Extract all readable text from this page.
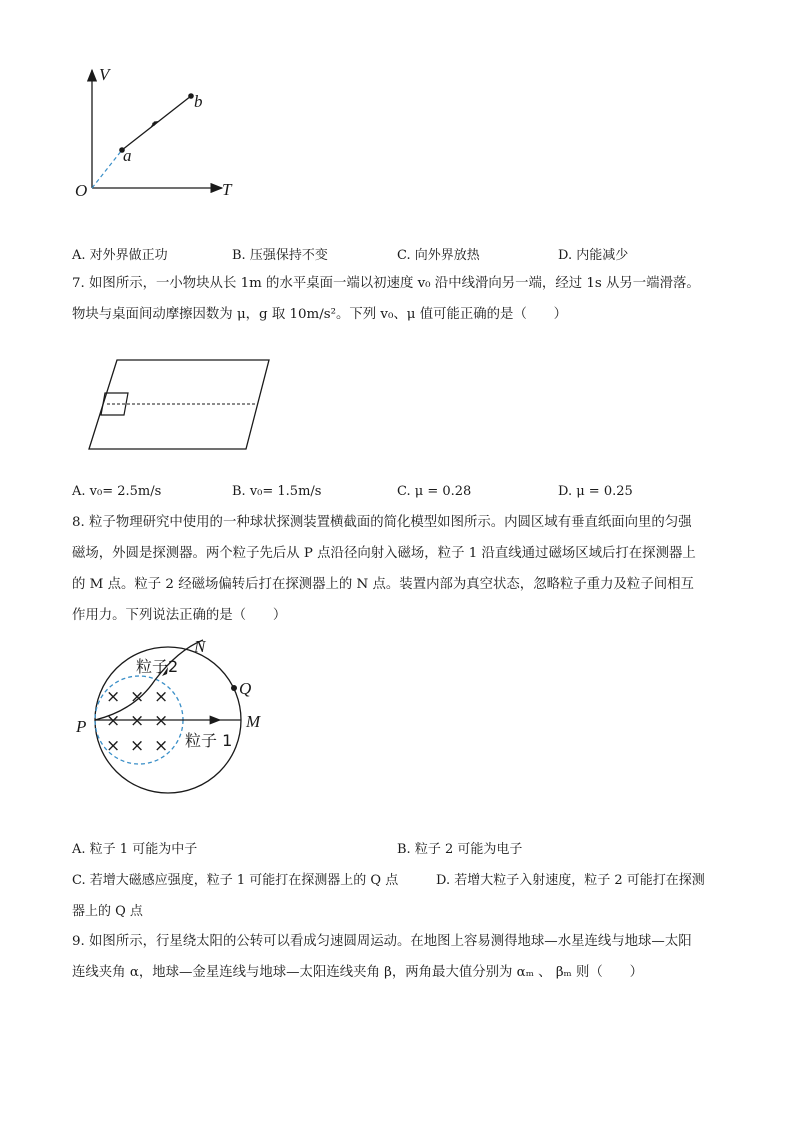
V
T
O
a
b
A. 对外界做正功	B. 压强保持不变	C. 向外界放热	D. 内能减少
7. 如图所示，一小物块从长 1m 的水平桌面一端以初速度 v₀ 沿中线滑向另一端，经过 1s 从另一端滑落。
物块与桌面间动摩擦因数为 μ，g 取 10m/s²。下列 v₀、μ 值可能正确的是（　　）
A. v₀= 2.5m/s	B. v₀= 1.5m/s	C. μ = 0.28	D. μ = 0.25
8. 粒子物理研究中使用的一种球状探测装置横截面的简化模型如图所示。内圆区域有垂直纸面向里的匀强
磁场，外圆是探测器。两个粒子先后从 P 点沿径向射入磁场，粒子 1 沿直线通过磁场区域后打在探测器上
的 M 点。粒子 2 经磁场偏转后打在探测器上的 N 点。装置内部为真空状态，忽略粒子重力及粒子间相互
作用力。下列说法正确的是（　　）
× × ×
× × ×
× × ×
N
Q
P	M
粒子2
粒子 1
A. 粒子 1 可能为中子	B. 粒子 2 可能为电子
C. 若增大磁感应强度，粒子 1 可能打在探测器上的 Q 点	D. 若增大粒子入射速度，粒子 2 可能打在探测
器上的 Q 点
9. 如图所示，行星绕太阳的公转可以看成匀速圆周运动。在地图上容易测得地球—水星连线与地球—太阳
连线夹角 α，地球—金星连线与地球—太阳连线夹角 β，两角最大值分别为 αₘ 、 βₘ 则（　　）
